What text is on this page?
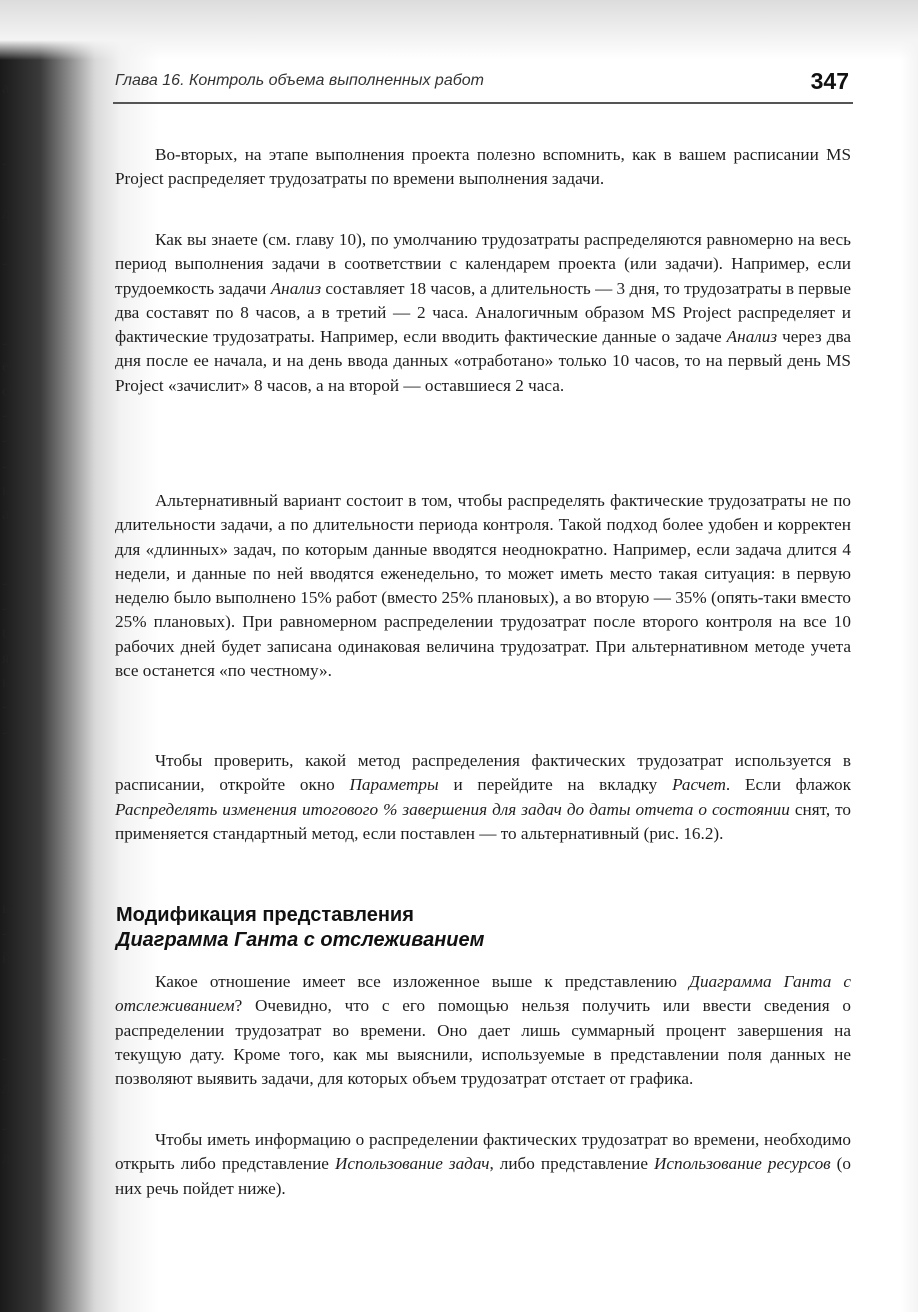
a
-
л
-
-
е
с
-
-
-
ь
а
-
-
t
я
ь
-
-
ы
-
й
-
л
-
л
Глава 16. Контроль объема выполненных работ	347

Во-вторых, на этапе выполнения проекта полезно вспомнить, как в вашем расписании MS Project распределяет трудозатраты по времени выполнения задачи.

Как вы знаете (см. главу 10), по умолчанию трудозатраты распределяются равномерно на весь период выполнения задачи в соответствии с календарем проекта (или задачи). Например, если трудоемкость задачи Анализ составляет 18 часов, а длительность — 3 дня, то трудозатраты в первые два составят по 8 часов, а в третий — 2 часа. Аналогичным образом MS Project распределяет и фактические трудозатраты. Например, если вводить фактические данные о задаче Анализ через два дня после ее начала, и на день ввода данных «отработано» только 10 часов, то на первый день MS Project «зачислит» 8 часов, а на второй — оставшиеся 2 часа.

Альтернативный вариант состоит в том, чтобы распределять фактические трудозатраты не по длительности задачи, а по длительности периода контроля. Такой подход более удобен и корректен для «длинных» задач, по которым данные вводятся неоднократно. Например, если задача длится 4 недели, и данные по ней вводятся еженедельно, то может иметь место такая ситуация: в первую неделю было выполнено 15% работ (вместо 25% плановых), а во вторую — 35% (опять-таки вместо 25% плановых). При равномерном распределении трудозатрат после второго контроля на все 10 рабочих дней будет записана одинаковая величина трудозатрат. При альтернативном методе учета все останется «по честному».

Чтобы проверить, какой метод распределения фактических трудозатрат используется в расписании, откройте окно Параметры и перейдите на вкладку Расчет. Если флажок Распределять изменения итогового % завершения для задач до даты отчета о состоянии снят, то применяется стандартный метод, если поставлен — то альтернативный (рис. 16.2).

Модификация представления
Диаграмма Ганта с отслеживанием

Какое отношение имеет все изложенное выше к представлению Диаграмма Ганта с отслеживанием? Очевидно, что с его помощью нельзя получить или ввести сведения о распределении трудозатрат во времени. Оно дает лишь суммарный процент завершения на текущую дату. Кроме того, как мы выяснили, используемые в представлении поля данных не позволяют выявить задачи, для которых объем трудозатрат отстает от графика.

Чтобы иметь информацию о распределении фактических трудозатрат во времени, необходимо открыть либо представление Использование задач, либо представление Использование ресурсов (о них речь пойдет ниже).
